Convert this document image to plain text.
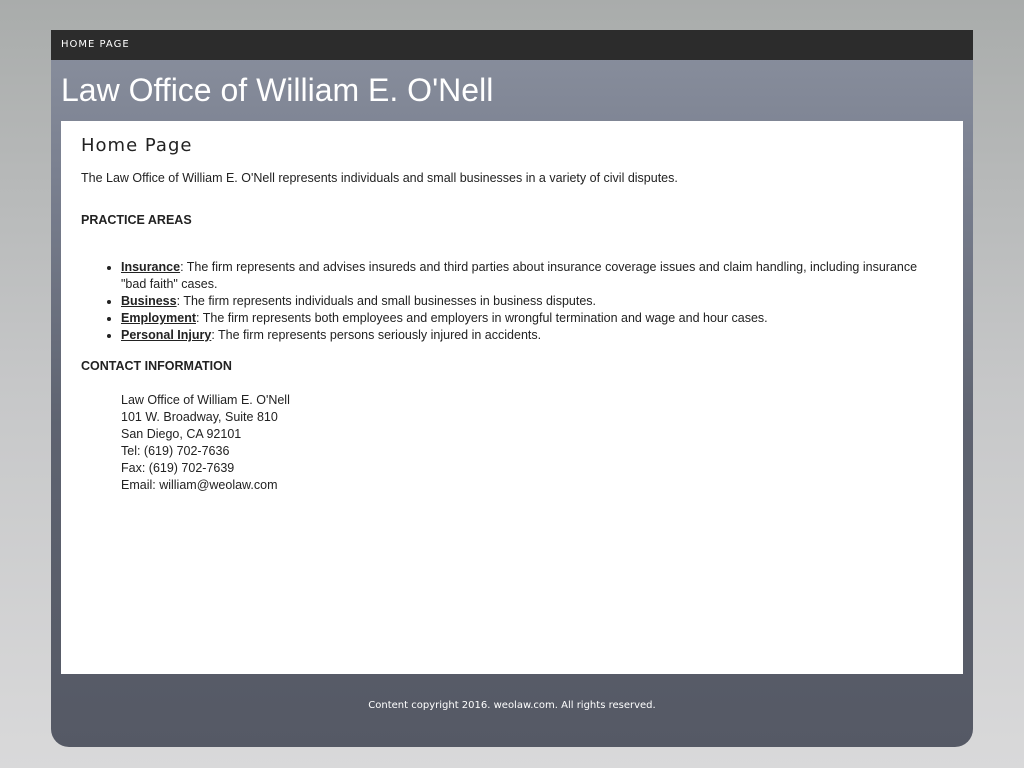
HOME PAGE
Law Office of William E. O'Nell
Home Page

The Law Office of William E. O'Nell represents individuals and small businesses in a variety of civil disputes.

PRACTICE AREAS
• Insurance: The firm represents and advises insureds and third parties about insurance coverage issues and claim handling, including insurance "bad faith" cases.
• Business: The firm represents individuals and small businesses in business disputes.
• Employment: The firm represents both employees and employers in wrongful termination and wage and hour cases.
• Personal Injury: The firm represents persons seriously injured in accidents.
CONTACT INFORMATION
Law Office of William E. O'Nell
101 W. Broadway, Suite 810
San Diego, CA 92101
Tel: (619) 702-7636
Fax: (619) 702-7639
Email: william@weolaw.com
Content copyright 2016. weolaw.com. All rights reserved.
